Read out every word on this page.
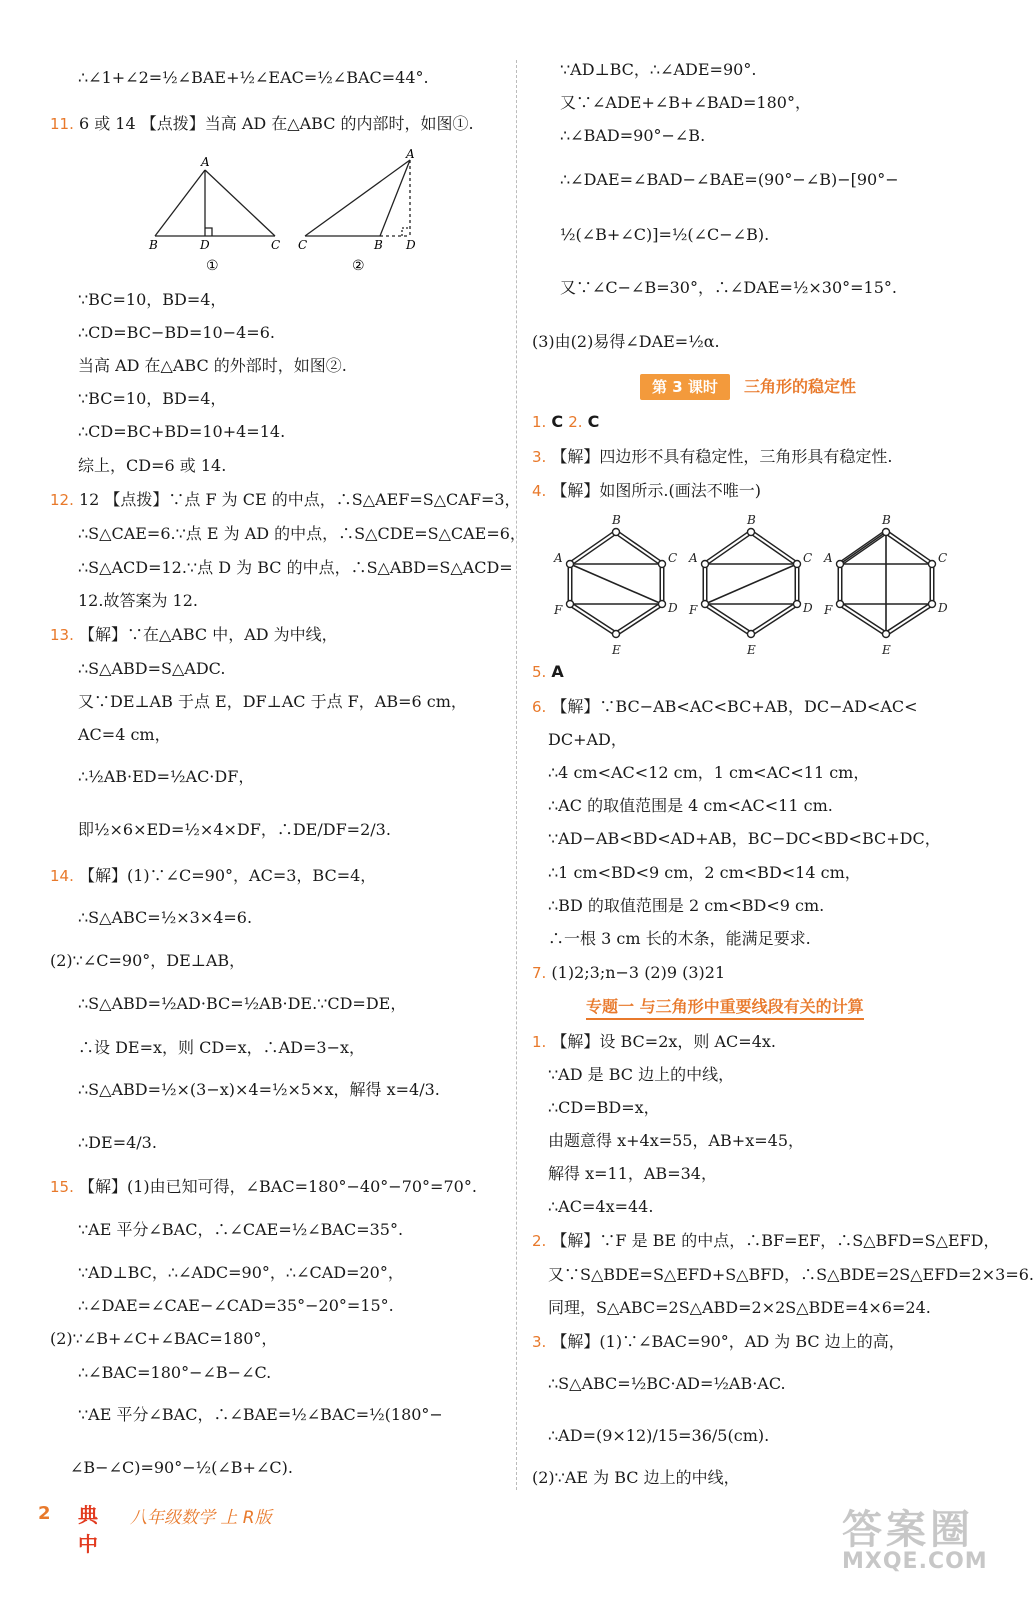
∴∠1+∠2=½∠BAE+½∠EAC=½∠BAC=44°.
11. 6 或 14 【点拨】当高 AD 在△ABC 的内部时，如图①.
∵BC=10，BD=4，
∴CD=BC−BD=10−4=6.
当高 AD 在△ABC 的外部时，如图②.
∵BC=10，BD=4，
∴CD=BC+BD=10+4=14.
综上，CD=6 或 14.
12. 12 【点拨】∵点 F 为 CE 的中点，∴S△AEF=S△CAF=3，
∴S△CAE=6.∵点 E 为 AD 的中点，∴S△CDE=S△CAE=6，
∴S△ACD=12.∵点 D 为 BC 的中点，∴S△ABD=S△ACD=
12.故答案为 12.
13. 【解】∵在△ABC 中，AD 为中线，
∴S△ABD=S△ADC.
又∵DE⊥AB 于点 E，DF⊥AC 于点 F，AB=6 cm，
AC=4 cm，
∴½AB·ED=½AC·DF，
即½×6×ED=½×4×DF，∴DE/DF=2/3.
14. 【解】(1)∵∠C=90°，AC=3，BC=4，
∴S△ABC=½×3×4=6.
(2)∵∠C=90°，DE⊥AB，
∴S△ABD=½AD·BC=½AB·DE.∵CD=DE，
∴设 DE=x，则 CD=x，∴AD=3−x，
∴S△ABD=½×(3−x)×4=½×5×x，解得 x=4/3.
∴DE=4/3.
15. 【解】(1)由已知可得，∠BAC=180°−40°−70°=70°.
∵AE 平分∠BAC，∴∠CAE=½∠BAC=35°.
∵AD⊥BC，∴∠ADC=90°，∴∠CAD=20°，
∴∠DAE=∠CAE−∠CAD=35°−20°=15°.
(2)∵∠B+∠C+∠BAC=180°，
∴∠BAC=180°−∠B−∠C.
∵AE 平分∠BAC，∴∠BAE=½∠BAC=½(180°−
∠B−∠C)=90°−½(∠B+∠C).
∵AD⊥BC，∴∠ADE=90°.
又∵∠ADE+∠B+∠BAD=180°，
∴∠BAD=90°−∠B.
∴∠DAE=∠BAD−∠BAE=(90°−∠B)−[90°−
½(∠B+∠C)]=½(∠C−∠B).
又∵∠C−∠B=30°，∴∠DAE=½×30°=15°.
(3)由(2)易得∠DAE=½α.
1. C 2. C
3. 【解】四边形不具有稳定性，三角形具有稳定性.
4. 【解】如图所示.(画法不唯一)
5. A
6. 【解】∵BC−AB<AC<BC+AB，DC−AD<AC<
DC+AD，
∴4 cm<AC<12 cm，1 cm<AC<11 cm，
∴AC 的取值范围是 4 cm<AC<11 cm.
∵AD−AB<BD<AD+AB，BC−DC<BD<BC+DC，
∴1 cm<BD<9 cm，2 cm<BD<14 cm，
∴BD 的取值范围是 2 cm<BD<9 cm.
∴一根 3 cm 长的木条，能满足要求.
7. (1)2;3;n−3 (2)9 (3)21
1. 【解】设 BC=2x，则 AC=4x.
∵AD 是 BC 边上的中线，
∴CD=BD=x，
由题意得 x+4x=55，AB+x=45，
解得 x=11，AB=34，
∴AC=4x=44.
2. 【解】∵F 是 BE 的中点，∴BF=EF，∴S△BFD=S△EFD，
又∵S△BDE=S△EFD+S△BFD，∴S△BDE=2S△EFD=2×3=6.
同理，S△ABC=2S△ABD=2×2S△BDE=4×6=24.
3. 【解】(1)∵∠BAC=90°，AD 为 BC 边上的高，
∴S△ABC=½BC·AD=½AB·AC.
∴AD=(9×12)/15=36/5(cm).
(2)∵AE 为 BC 边上的中线，
A
B	D	C
①
A
C	B D
②
第 3 课时	三角形的稳定性
A
B
C
D
E
F
A
B
C
D
E
F
A
B
C
D
E
F
专题一 与三角形中重要线段有关的计算
2 典中
八年级数学 上 R版	答案圈
MXQE.COM
